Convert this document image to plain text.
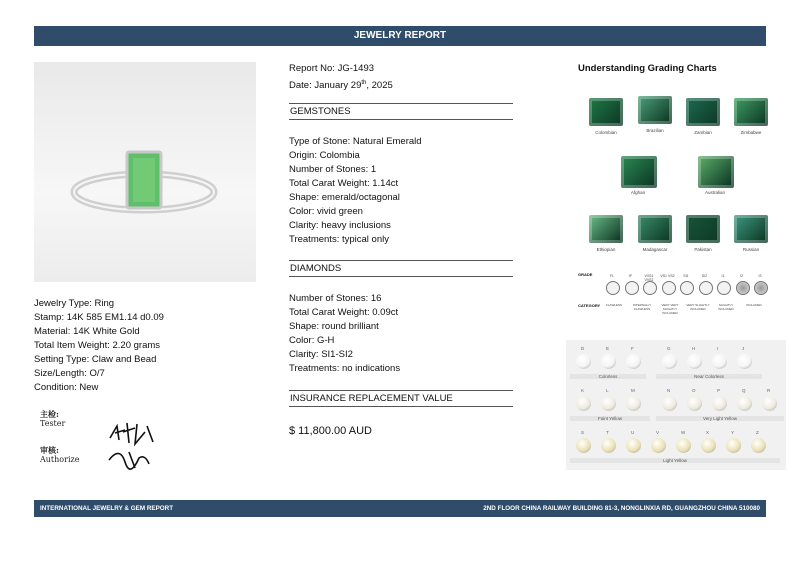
JEWELRY REPORT
Jewelry Type: Ring
Stamp: 14K 585 EM1.14 d0.09
Material: 14K White Gold
Total Item Weight: 2.20 grams
Setting Type: Claw and Bead
Size/Length: O/7
Condition: New
主检:
Tester
审核:
Authorize
Report No: JG-1493
Date: January 29th, 2025
GEMSTONES
Type of Stone: Natural Emerald
Origin: Colombia
Number of Stones: 1
Total Carat Weight: 1.14ct
Shape: emerald/octagonal
Color: vivid green
Clarity: heavy inclusions
Treatments: typical only
DIAMONDS
Number of Stones: 16
Total Carat Weight: 0.09ct
Shape: round brilliant
Color: G-H
Clarity: SI1-SI2
Treatments: no indications
INSURANCE REPLACEMENT VALUE
$ 11,800.00 AUD
Understanding Grading Charts
Colombian	Brazilian	Zambian	Zimbabwe
Afghan	Australian
Ethiopian	Madagascar	Pakistan	Russian
GRADE
CATEGORY
FL	IF	VVS1 VVS2
VS1 VS2	SI1	SI2	I1	I2	I3
FLAWLESS	INTERNALLY FLAWLESS
VERY VERY SLIGHTLY INCLUDED
VERY SLIGHTLY INCLUDED
SLIGHTLY INCLUDED
INCLUDED
D	E	F	G	H	I	J
K	L	M	N	O	P	Q	R
S	T	U	V	W	X	Y	Z
Colorless	Near Colorless
Faint Yellow	Very Light Yellow
Light Yellow
INTERNATIONAL JEWELRY & GEM REPORT	2ND FLOOR CHINA RAILWAY BUILDING 81-3, NONGLINXIA RD, GUANGZHOU CHINA 510080
